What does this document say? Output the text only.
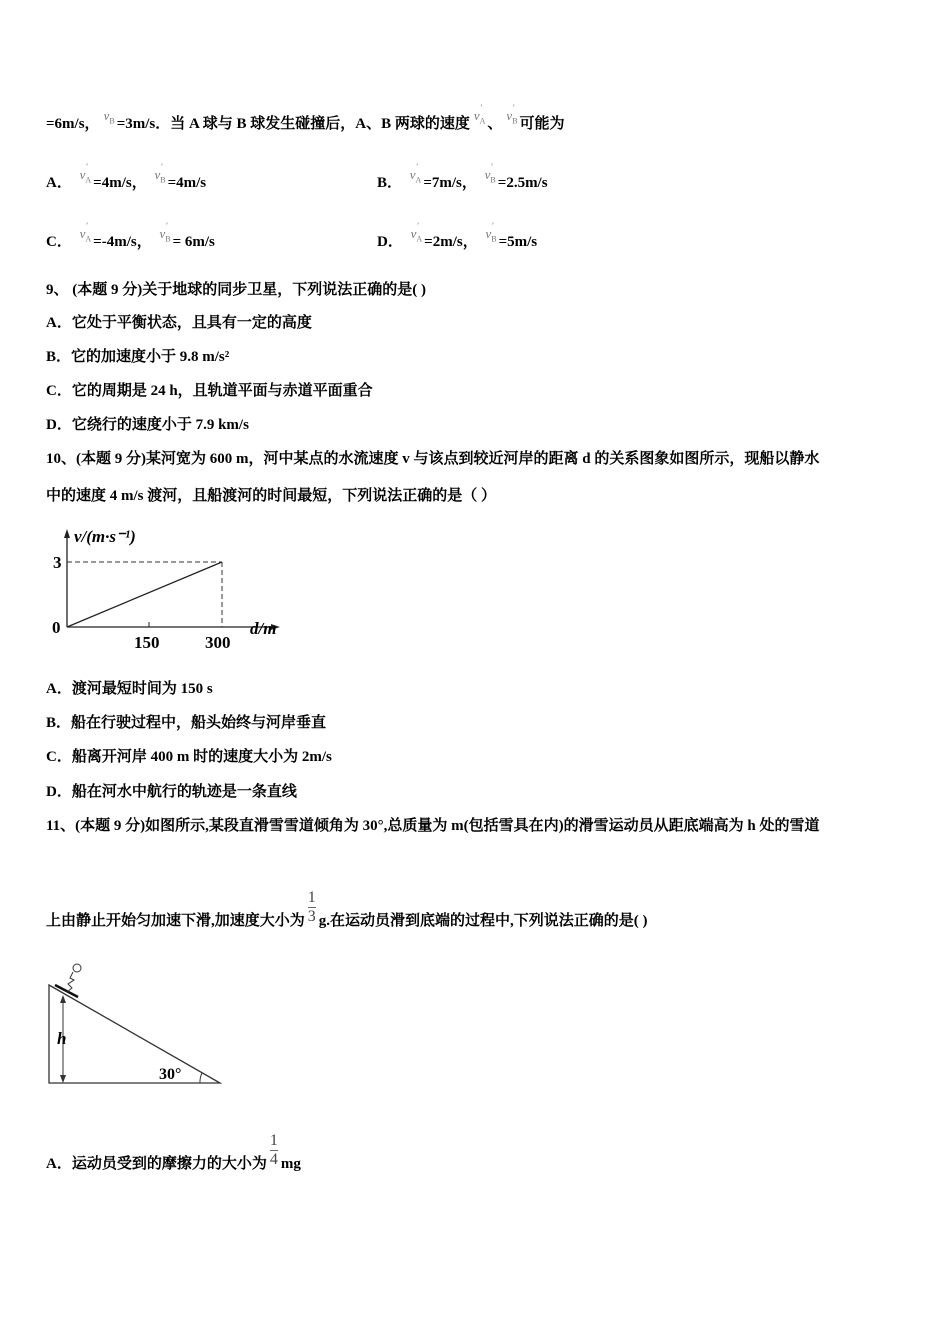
=6m/s，$v_B =3m/s$．当 A 球与 B 球发生碰撞后，A、B 两球的速度v ′
$_A$ 、v ′
$_B$ 可能为
A． v ′
$_A$ =4m/s， v ′
$_B$ =4m/s	B． v ′
$_A$ =7m/s， v ′
$_B$ =2.5m/s
C． v ′
$_A$ =-4m/s， v ′
$_B$ = 6m/s	D． v ′
$_A$ =2m/s， v ′
$_B$ =5m/s
9、 (本题 9 分)关于地球的同步卫星，下列说法正确的是( )
A．它处于平衡状态，且具有一定的高度
B．它的加速度小于 9.8 m/s²
C．它的周期是 24 h，且轨道平面与赤道平面重合
D．它绕行的速度小于 7.9 km/s
10、(本题 9 分)某河宽为 600 m，河中某点的水流速度 v 与该点到较近河岸的距离 d 的关系图象如图所示，现船以静水
中的速度 4 m/s 渡河，且船渡河的时间最短，下列说法正确的是（ ）
v/(m·s⁻¹)
3
0
150	300
d/m
A．渡河最短时间为 150 s
B．船在行驶过程中，船头始终与河岸垂直
C．船离开河岸 400 m 时的速度大小为 2m/s
D．船在河水中航行的轨迹是一条直线
11、(本题 9 分)如图所示,某段直滑雪雪道倾角为 30°,总质量为 m(包括雪具在内)的滑雪运动员从距底端高为 h 处的雪道
上由静止开始匀加速下滑,加速度大小为 $\frac{1}{3} g$.在运动员滑到底端的过程中,下列说法正确的是( )
h
30°
A．运动员受到的摩擦力的大小为 $\frac{1}{4}$ mg
